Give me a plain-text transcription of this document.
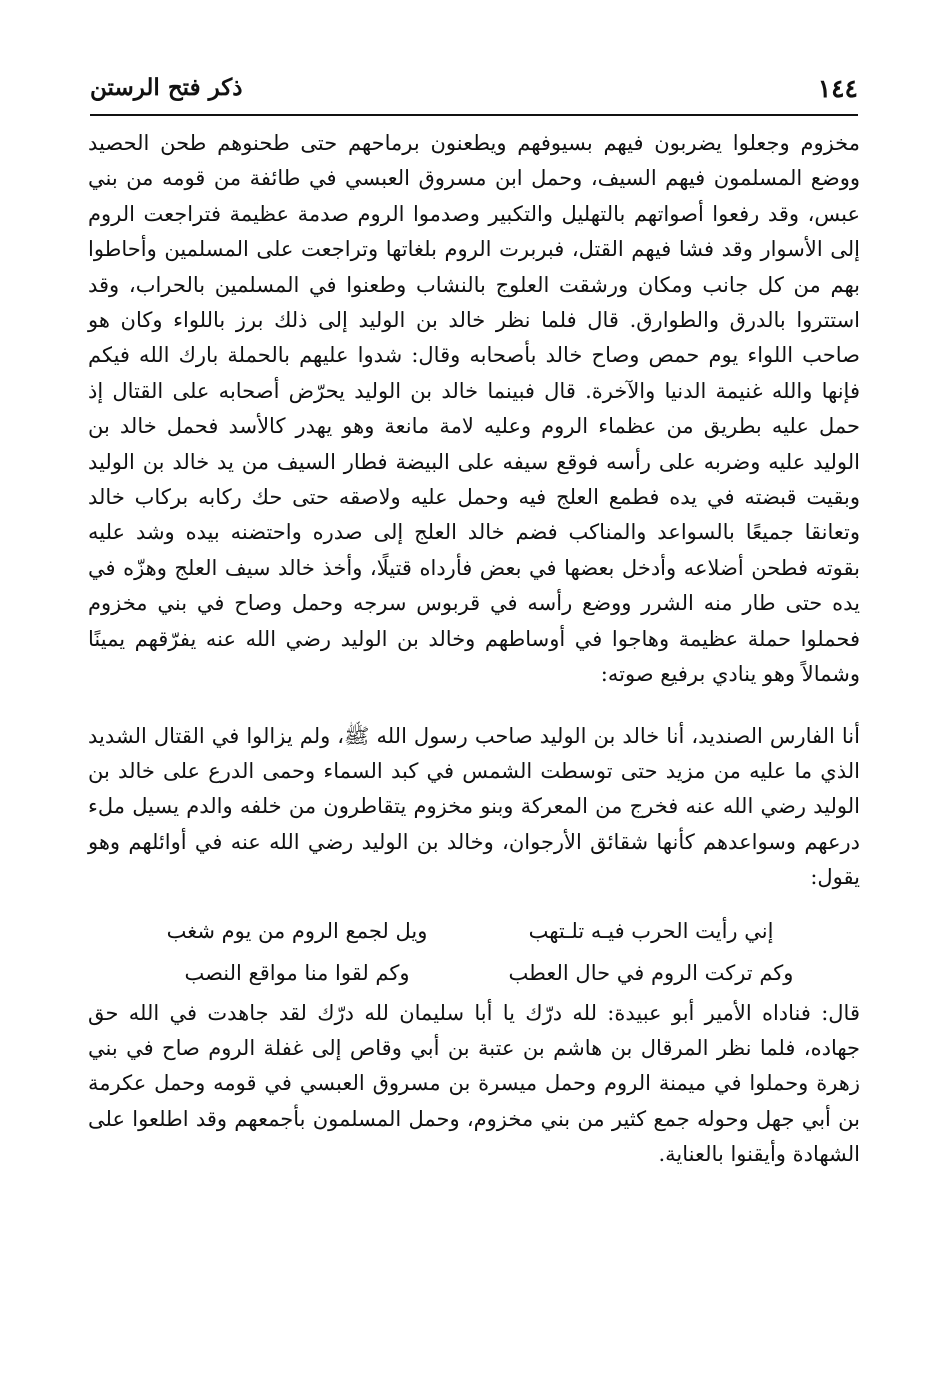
١٤٤
ذكر فتح الرستن

مخزوم وجعلوا يضربون فيهم بسيوفهم ويطعنون برماحهم حتى طحنوهم طحن الحصيد ووضع المسلمون فيهم السيف، وحمل ابن مسروق العبسي في طائفة من قومه من بني عبس، وقد رفعوا أصواتهم بالتهليل والتكبير وصدموا الروم صدمة عظيمة فتراجعت الروم إلى الأسوار وقد فشا فيهم القتل، فبربرت الروم بلغاتها وتراجعت على المسلمين وأحاطوا بهم من كل جانب ومكان ورشقت العلوج بالنشاب وطعنوا في المسلمين بالحراب، وقد استتروا بالدرق والطوارق. قال فلما نظر خالد بن الوليد إلى ذلك برز باللواء وكان هو صاحب اللواء يوم حمص وصاح خالد بأصحابه وقال: شدوا عليهم بالحملة بارك الله فيكم فإنها والله غنيمة الدنيا والآخرة. قال فبينما خالد بن الوليد يحرّض أصحابه على القتال إذ حمل عليه بطريق من عظماء الروم وعليه لامة مانعة وهو يهدر كالأسد فحمل خالد بن الوليد عليه وضربه على رأسه فوقع سيفه على البيضة فطار السيف من يد خالد بن الوليد وبقيت قبضته في يده فطمع العلج فيه وحمل عليه ولاصقه حتى حك ركابه بركاب خالد وتعانقا جميعًا بالسواعد والمناكب فضم خالد العلج إلى صدره واحتضنه بيده وشد عليه بقوته فطحن أضلاعه وأدخل بعضها في بعض فأرداه قتيلًا، وأخذ خالد سيف العلج وهزّه في يده حتى طار منه الشرر ووضع رأسه في قربوس سرجه وحمل وصاح في بني مخزوم فحملوا حملة عظيمة وهاجوا في أوساطهم وخالد بن الوليد رضي الله عنه يفرّقهم يمينًا وشمالاً وهو ينادي برفيع صوته:

أنا الفارس الصنديد، أنا خالد بن الوليد صاحب رسول الله ﷺ، ولم يزالوا في القتال الشديد الذي ما عليه من مزيد حتى توسطت الشمس في كبد السماء وحمى الدرع على خالد بن الوليد رضي الله عنه فخرج من المعركة وبنو مخزوم يتقاطرون من خلفه والدم يسيل ملء درعهم وسواعدهم كأنها شقائق الأرجوان، وخالد بن الوليد رضي الله عنه في أوائلهم وهو يقول:

إني رأيت الحرب فيـه تلـتهب
ويل لجمع الروم من يوم شغب
وكم تركت الروم في حال العطب
وكم لقوا منا مواقع النصب

قال: فناداه الأمير أبو عبيدة: لله درّك يا أبا سليمان لله درّك لقد جاهدت في الله حق جهاده، فلما نظر المرقال بن هاشم بن عتبة بن أبي وقاص إلى غفلة الروم صاح في بني زهرة وحملوا في ميمنة الروم وحمل ميسرة بن مسروق العبسي في قومه وحمل عكرمة بن أبي جهل وحوله جمع كثير من بني مخزوم، وحمل المسلمون بأجمعهم وقد اطلعوا على الشهادة وأيقنوا بالعناية.
